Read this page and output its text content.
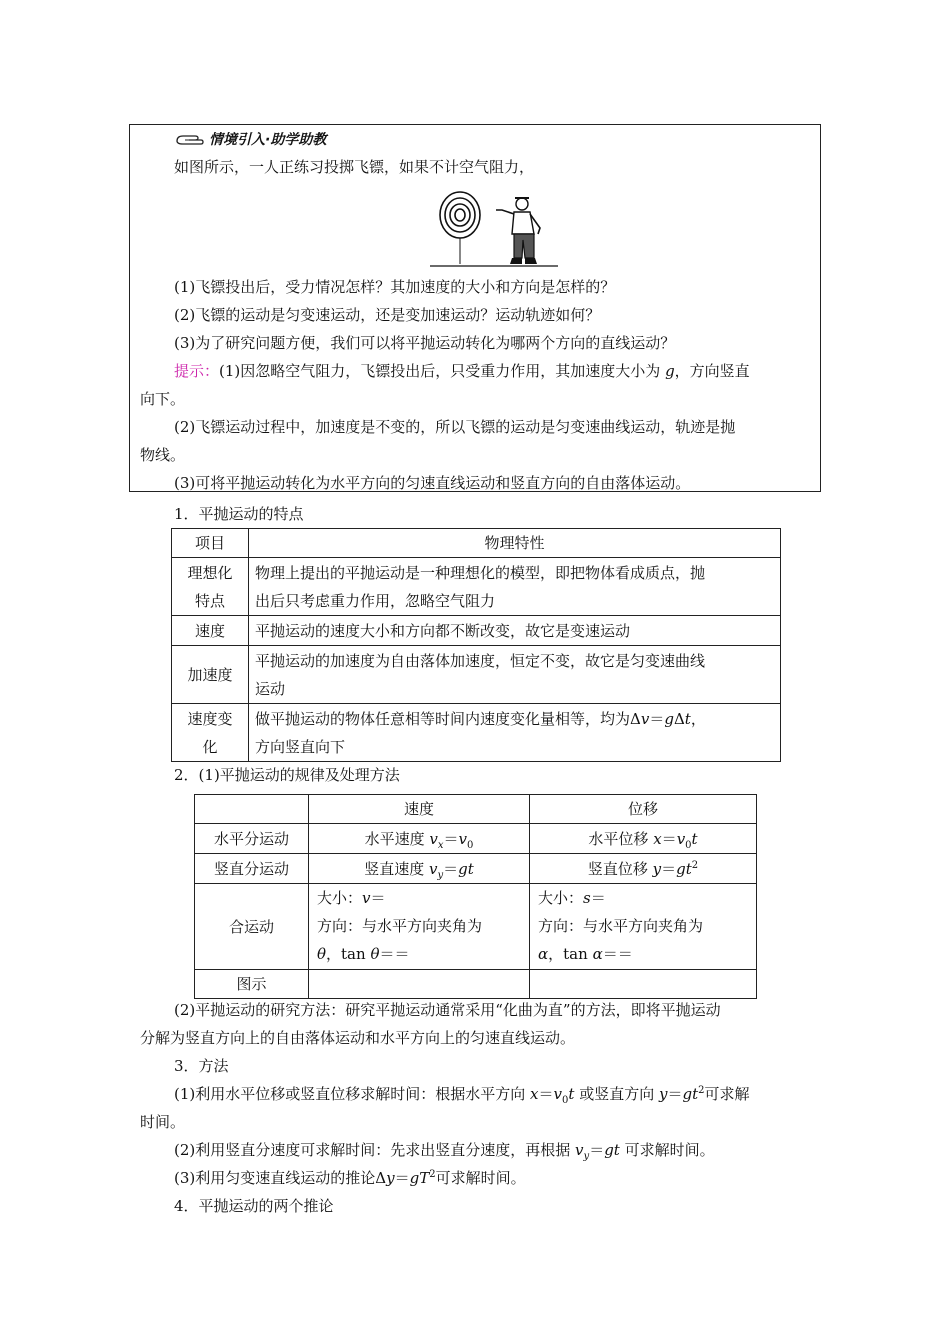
情境引入·助学助教
如图所示，一人正练习投掷飞镖，如果不计空气阻力，
(1)飞镖投出后，受力情况怎样？其加速度的大小和方向是怎样的？
(2)飞镖的运动是匀变速运动，还是变加速运动？运动轨迹如何？
(3)为了研究问题方便，我们可以将平抛运动转化为哪两个方向的直线运动？
提示：(1)因忽略空气阻力，飞镖投出后，只受重力作用，其加速度大小为 g，方向竖直
向下。
(2)飞镖运动过程中，加速度是不变的，所以飞镖的运动是匀变速曲线运动，轨迹是抛
物线。
(3)可将平抛运动转化为水平方向的匀速直线运动和竖直方向的自由落体运动。
1．平抛运动的特点
项目	物理特性
理想化
特点	物理上提出的平抛运动是一种理想化的模型，即把物体看成质点，抛
出后只考虑重力作用，忽略空气阻力
速度	平抛运动的速度大小和方向都不断改变，故它是变速运动
加速度	平抛运动的加速度为自由落体加速度，恒定不变，故它是匀变速曲线
运动
速度变
化	做平抛运动的物体任意相等时间内速度变化量相等，均为Δv＝gΔt，
方向竖直向下
2．(1)平抛运动的规律及处理方法
	速度	位移
水平分运动	水平速度 $v_x=v_0$	水平位移 $x=v_0t$
竖直分运动	竖直速度 $v_y=gt$	竖直位移 $y=gt^2$
合运动	大小：v＝
方向：与水平方向夹角为
θ，tan θ＝＝	大小：s＝
方向：与水平方向夹角为
α，tan α＝＝
图示		
(2)平抛运动的研究方法：研究平抛运动通常采用“化曲为直”的方法，即将平抛运动
分解为竖直方向上的自由落体运动和水平方向上的匀速直线运动。
3．方法
(1)利用水平位移或竖直位移求解时间：根据水平方向 $x=v_0t$ 或竖直方向 $y=gt^2$可求解
时间。
(2)利用竖直分速度可求解时间：先求出竖直分速度，再根据 $v_y=gt$ 可求解时间。
(3)利用匀变速直线运动的推论$\Delta y=gT^2$可求解时间。
4．平抛运动的两个推论
